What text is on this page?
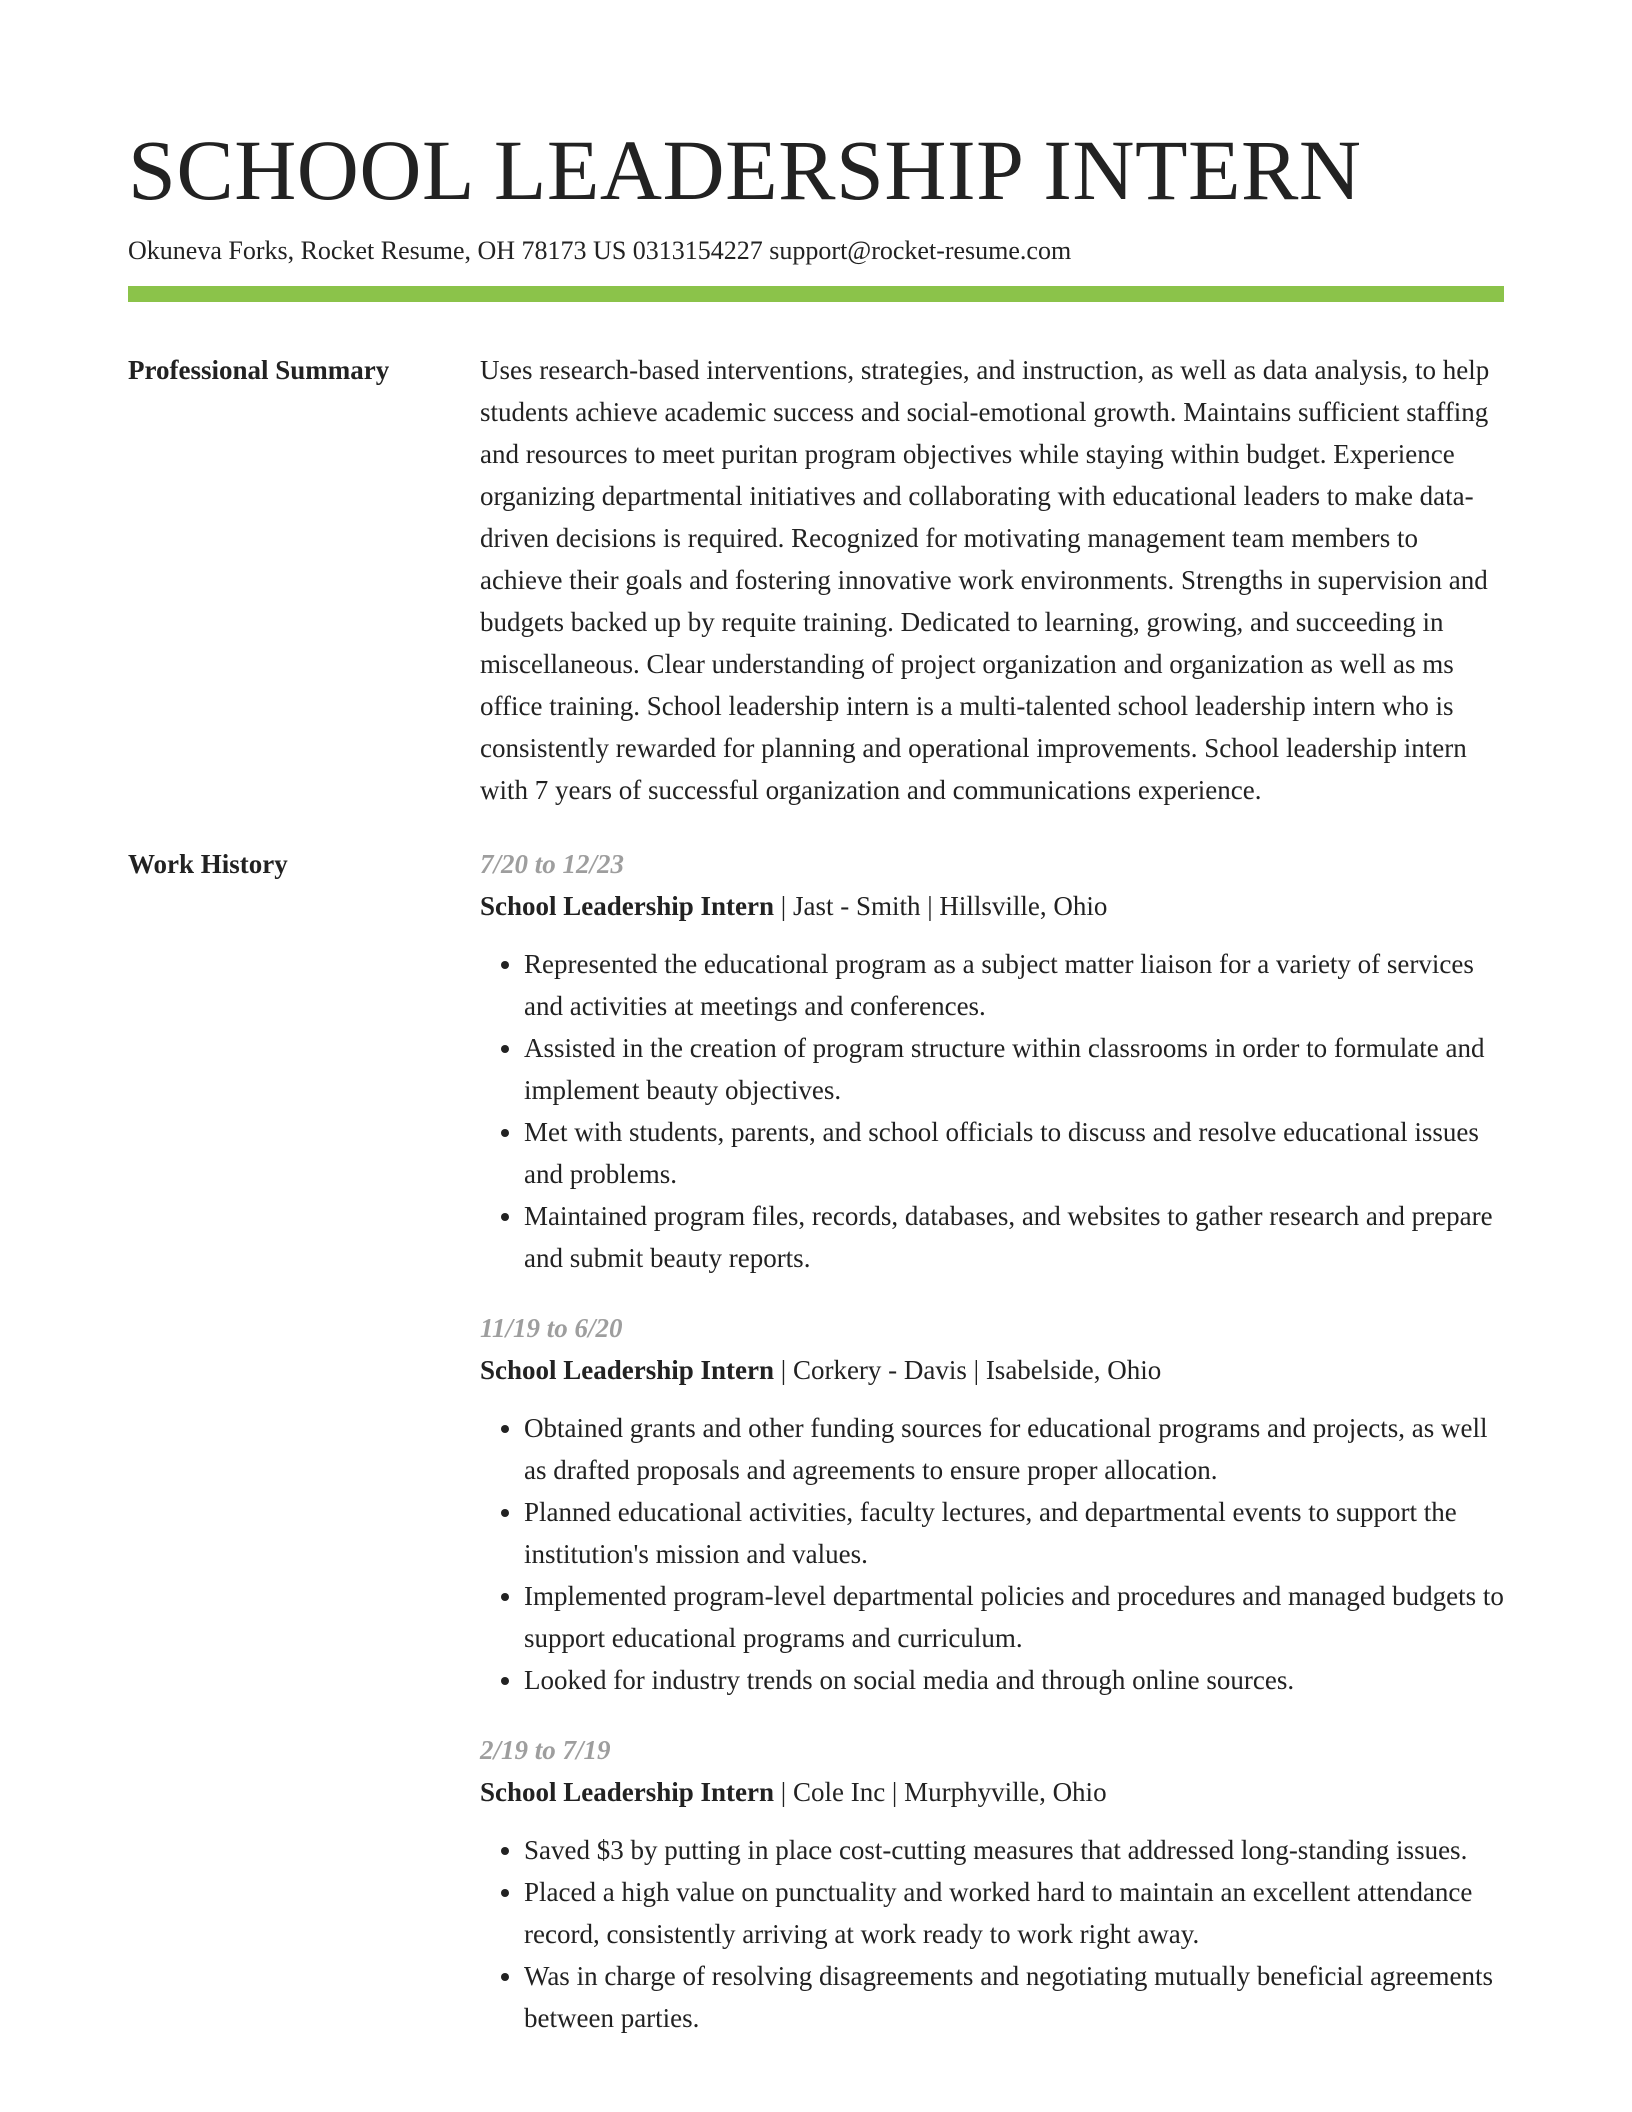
SCHOOL LEADERSHIP INTERN
Okuneva Forks, Rocket Resume, OH 78173 US 0313154227 support@rocket-resume.com
Professional Summary	Uses research-based interventions, strategies, and instruction, as well as data analysis, to help students achieve academic success and social-emotional growth. Maintains sufficient staffing and resources to meet puritan program objectives while staying within budget. Experience organizing departmental initiatives and collaborating with educational leaders to make data-driven decisions is required. Recognized for motivating management team members to achieve their goals and fostering innovative work environments. Strengths in supervision and budgets backed up by requite training. Dedicated to learning, growing, and succeeding in miscellaneous. Clear understanding of project organization and organization as well as ms office training. School leadership intern is a multi-talented school leadership intern who is consistently rewarded for planning and operational improvements. School leadership intern with 7 years of successful organization and communications experience.

Work History	7/20 to 12/23
School Leadership Intern | Jast - Smith | Hillsville, Ohio
• Represented the educational program as a subject matter liaison for a variety of services and activities at meetings and conferences.
• Assisted in the creation of program structure within classrooms in order to formulate and implement beauty objectives.
• Met with students, parents, and school officials to discuss and resolve educational issues and problems.
• Maintained program files, records, databases, and websites to gather research and prepare and submit beauty reports.
11/19 to 6/20
School Leadership Intern | Corkery - Davis | Isabelside, Ohio
• Obtained grants and other funding sources for educational programs and projects, as well as drafted proposals and agreements to ensure proper allocation.
• Planned educational activities, faculty lectures, and departmental events to support the institution's mission and values.
• Implemented program-level departmental policies and procedures and managed budgets to support educational programs and curriculum.
• Looked for industry trends on social media and through online sources.
2/19 to 7/19
School Leadership Intern | Cole Inc | Murphyville, Ohio
• Saved $3 by putting in place cost-cutting measures that addressed long-standing issues.
• Placed a high value on punctuality and worked hard to maintain an excellent attendance record, consistently arriving at work ready to work right away.
• Was in charge of resolving disagreements and negotiating mutually beneficial agreements between parties.
